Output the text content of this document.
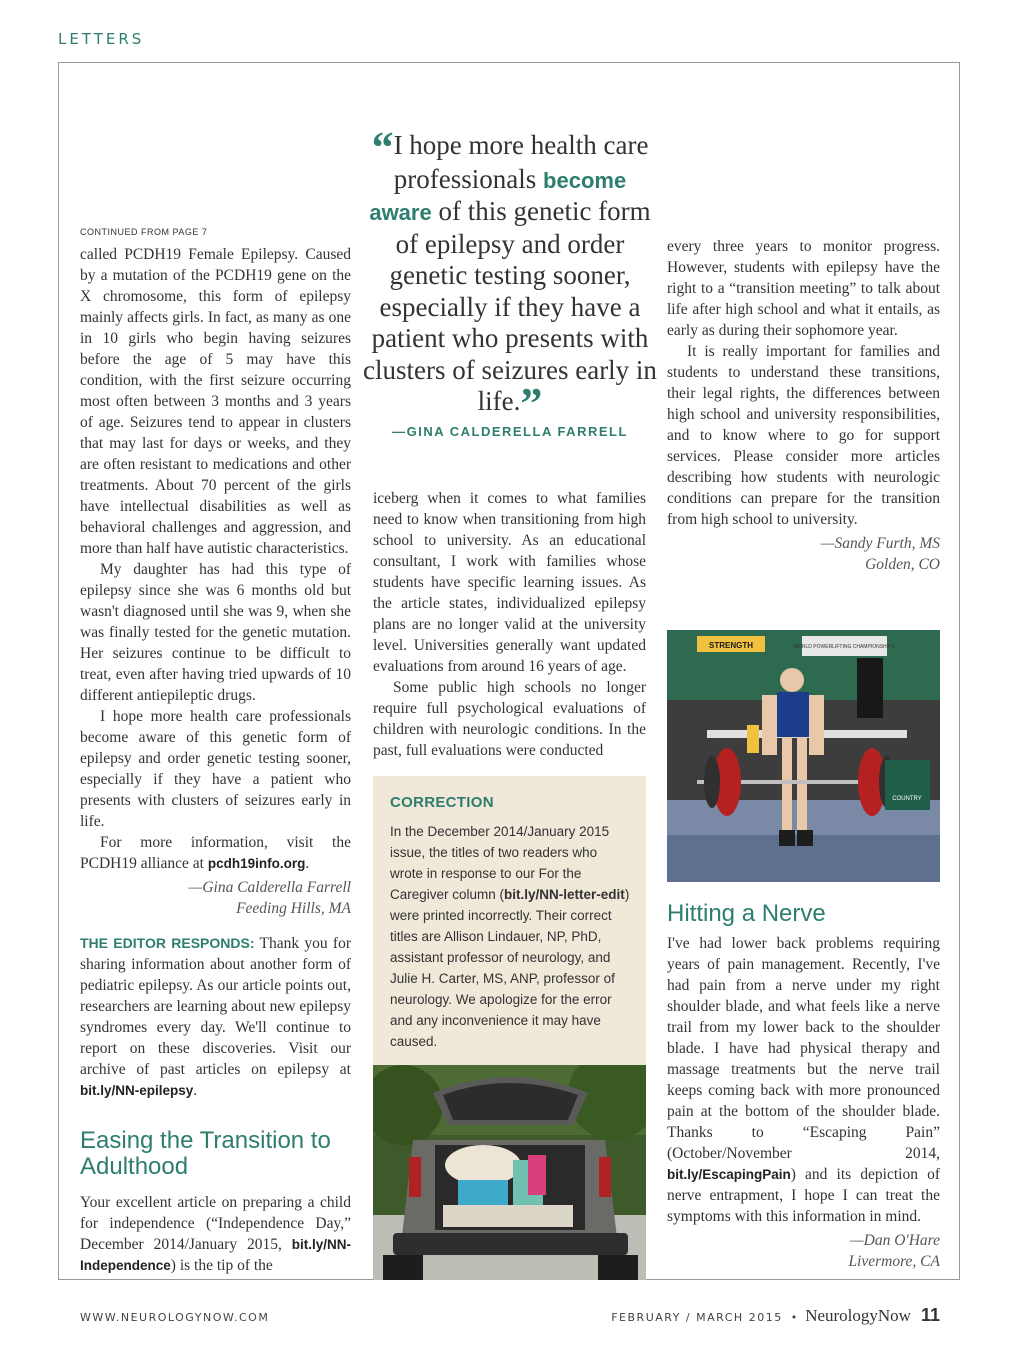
LETTERS
CONTINUED FROM PAGE 7

called PCDH19 Female Epilepsy. Caused by a mutation of the PCDH19 gene on the X chromosome, this form of epilepsy mainly affects girls. In fact, as many as one in 10 girls who begin having seizures before the age of 5 may have this condition, with the first seizure occurring most often between 3 months and 3 years of age. Seizures tend to appear in clusters that may last for days or weeks, and they are often resistant to medications and other treatments. About 70 percent of the girls have intellectual disabilities as well as behavioral challenges and aggression, and more than half have autistic characteristics.

My daughter has had this type of epilepsy since she was 6 months old but wasn't diagnosed until she was 9, when she was finally tested for the genetic mutation. Her seizures continue to be difficult to treat, even after having tried upwards of 10 different antiepileptic drugs.

I hope more health care professionals become aware of this genetic form of epilepsy and order genetic testing sooner, especially if they have a patient who presents with clusters of seizures early in life.

For more information, visit the PCDH19 alliance at pcdh19info.org.

—Gina Calderella Farrell
Feeding Hills, MA

THE EDITOR RESPONDS: Thank you for sharing information about another form of pediatric epilepsy. As our article points out, researchers are learning about new epilepsy syndromes every day. We'll continue to report on these discoveries. Visit our archive of past articles on epilepsy at bit.ly/NN-epilepsy.

Easing the Transition to Adulthood

Your excellent article on preparing a child for independence (“Independence Day,” December 2014/January 2015, bit.ly/NN-Independence) is the tip of the

“I hope more health care professionals become aware of this genetic form of epilepsy and order genetic testing sooner, especially if they have a patient who presents with clusters of seizures early in life.”
—GINA CALDERELLA FARRELL

iceberg when it comes to what families need to know when transitioning from high school to university. As an educational consultant, I work with families whose students have specific learning issues. As the article states, individualized epilepsy plans are no longer valid at the university level. Universities generally want updated evaluations from around 16 years of age.

Some public high schools no longer require full psychological evaluations of children with neurologic conditions. In the past, full evaluations were conducted

CORRECTION

In the December 2014/January 2015 issue, the titles of two readers who wrote in response to our For the Caregiver column (bit.ly/NN-letter-edit) were printed incorrectly. Their correct titles are Allison Lindauer, NP, PhD, assistant professor of neurology, and Julie H. Carter, MS, ANP, professor of neurology. We apologize for the error and any inconvenience it may have caused.

every three years to monitor progress. However, students with epilepsy have the right to a “transition meeting” to talk about life after high school and what it entails, as early as during their sophomore year.

It is really important for families and students to understand these transitions, their legal rights, the differences between high school and university responsibilities, and to know where to go for support services. Please consider more articles describing how students with neurologic conditions can prepare for the transition from high school to university.

—Sandy Furth, MS
Golden, CO
STRENGTH	WORLD POWERLIFTING CHAMPIONSHIPS
COUNTRY
Hitting a Nerve

I've had lower back problems requiring years of pain management. Recently, I've had pain from a nerve under my right shoulder blade, and what feels like a nerve trail from my lower back to the shoulder blade. I have had physical therapy and massage treatments but the nerve trail keeps coming back with more pronounced pain at the bottom of the shoulder blade. Thanks to “Escaping Pain” (October/November 2014, bit.ly/EscapingPain) and its depiction of nerve entrapment, I hope I can treat the symptoms with this information in mind.

—Dan O'Hare
Livermore, CA
WWW.NEUROLOGYNOW.COM	FEBRUARY / MARCH 2015 • NeurologyNow 11
